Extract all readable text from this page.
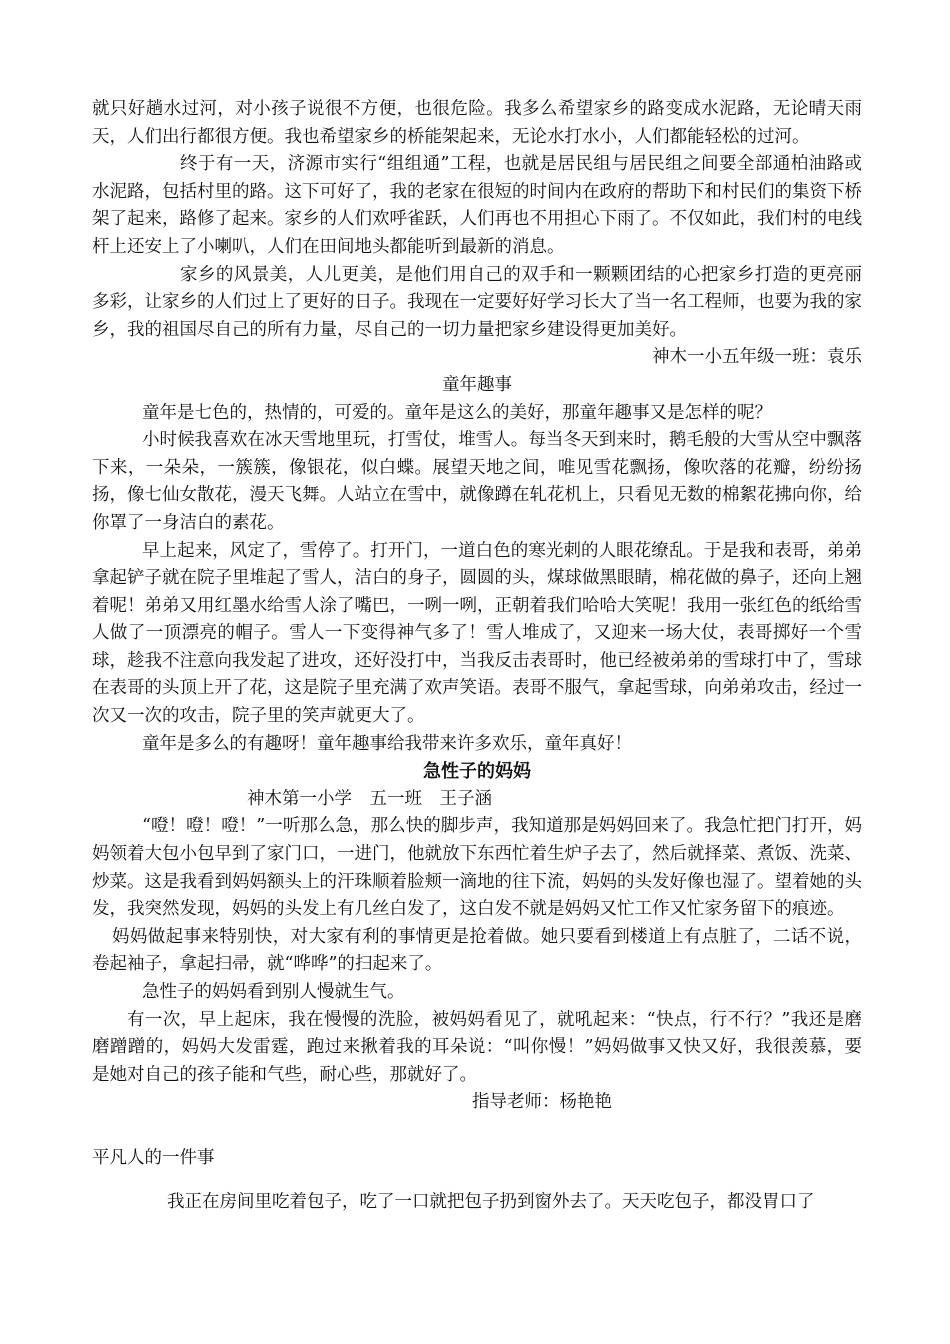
就只好趟水过河，对小孩子说很不方便，也很危险。我多么希望家乡的路变成水泥路，无论晴天雨天，人们出行都很方便。我也希望家乡的桥能架起来，无论水打水小，人们都能轻松的过河。

终于有一天，济源市实行“组组通”工程，也就是居民组与居民组之间要全部通柏油路或水泥路，包括村里的路。这下可好了，我的老家在很短的时间内在政府的帮助下和村民们的集资下桥架了起来，路修了起来。家乡的人们欢呼雀跃，人们再也不用担心下雨了。不仅如此，我们村的电线杆上还安上了小喇叭，人们在田间地头都能听到最新的消息。

家乡的风景美，人儿更美，是他们用自己的双手和一颗颗团结的心把家乡打造的更亮丽多彩，让家乡的人们过上了更好的日子。我现在一定要好好学习长大了当一名工程师，也要为我的家乡，我的祖国尽自己的所有力量，尽自己的一切力量把家乡建设得更加美好。

神木一小五年级一班：袁乐

童年趣事

童年是七色的，热情的，可爱的。童年是这么的美好，那童年趣事又是怎样的呢？

小时候我喜欢在冰天雪地里玩，打雪仗，堆雪人。每当冬天到来时，鹅毛般的大雪从空中飘落下来，一朵朵，一簇簇，像银花，似白蝶。展望天地之间，唯见雪花飘扬，像吹落的花瓣，纷纷扬扬，像七仙女散花，漫天飞舞。人站立在雪中，就像蹲在轧花机上，只看见无数的棉絮花拂向你，给你罩了一身洁白的素花。

早上起来，风定了，雪停了。打开门，一道白色的寒光刺的人眼花缭乱。于是我和表哥，弟弟拿起铲子就在院子里堆起了雪人，洁白的身子，圆圆的头，煤球做黑眼睛，棉花做的鼻子，还向上翘着呢！弟弟又用红墨水给雪人涂了嘴巴，一咧一咧，正朝着我们哈哈大笑呢！我用一张红色的纸给雪人做了一顶漂亮的帽子。雪人一下变得神气多了！雪人堆成了，又迎来一场大仗，表哥掷好一个雪球，趁我不注意向我发起了进攻，还好没打中，当我反击表哥时，他已经被弟弟的雪球打中了，雪球在表哥的头顶上开了花，这是院子里充满了欢声笑语。表哥不服气，拿起雪球，向弟弟攻击，经过一次又一次的攻击，院子里的笑声就更大了。

童年是多么的有趣呀！童年趣事给我带来许多欢乐，童年真好！

急性子的妈妈

神木第一小学　五一班　王子涵

“噔！噔！噔！”一听那么急，那么快的脚步声，我知道那是妈妈回来了。我急忙把门打开，妈妈领着大包小包早到了家门口，一进门，他就放下东西忙着生炉子去了，然后就择菜、煮饭、洗菜、炒菜。这是我看到妈妈额头上的汗珠顺着脸颊一滴地的往下流，妈妈的头发好像也湿了。望着她的头发，我突然发现，妈妈的头发上有几丝白发了，这白发不就是妈妈又忙工作又忙家务留下的痕迹。

妈妈做起事来特别快，对大家有利的事情更是抢着做。她只要看到楼道上有点脏了，二话不说，卷起袖子，拿起扫帚，就“哗哗”的扫起来了。

急性子的妈妈看到别人慢就生气。

有一次，早上起床，我在慢慢的洗脸，被妈妈看见了，就吼起来：“快点，行不行？”我还是磨磨蹭蹭的，妈妈大发雷霆，跑过来揪着我的耳朵说：“叫你慢！”妈妈做事又快又好，我很羡慕，要是她对自己的孩子能和气些，耐心些，那就好了。

指导老师：杨艳艳

平凡人的一件事

我正在房间里吃着包子，吃了一口就把包子扔到窗外去了。天天吃包子，都没胃口了
